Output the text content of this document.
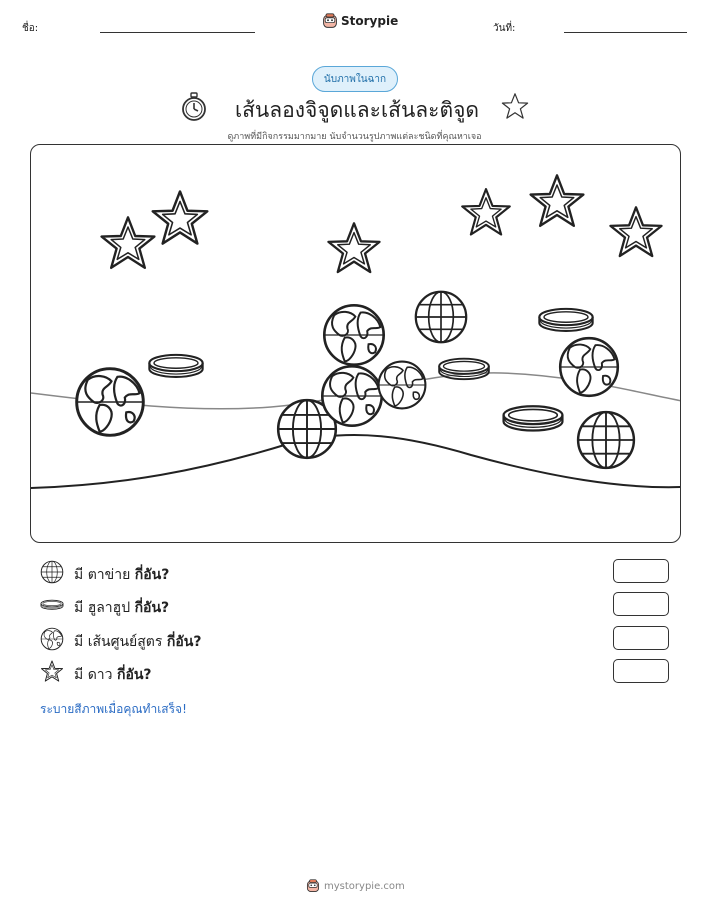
ชื่อ:
Storypie
วันที่:
นับภาพในฉาก
เส้นลองจิจูดและเส้นละติจูด
ดูภาพที่มีกิจกรรมมากมาย นับจำนวนรูปภาพแต่ละชนิดที่คุณหาเจอ
มี ตาข่าย กี่อัน?
มี ฮูลาฮูป กี่อัน?
มี เส้นศูนย์สูตร กี่อัน?
มี ดาว กี่อัน?
ระบายสีภาพเมื่อคุณทำเสร็จ!
mystorypie.com
